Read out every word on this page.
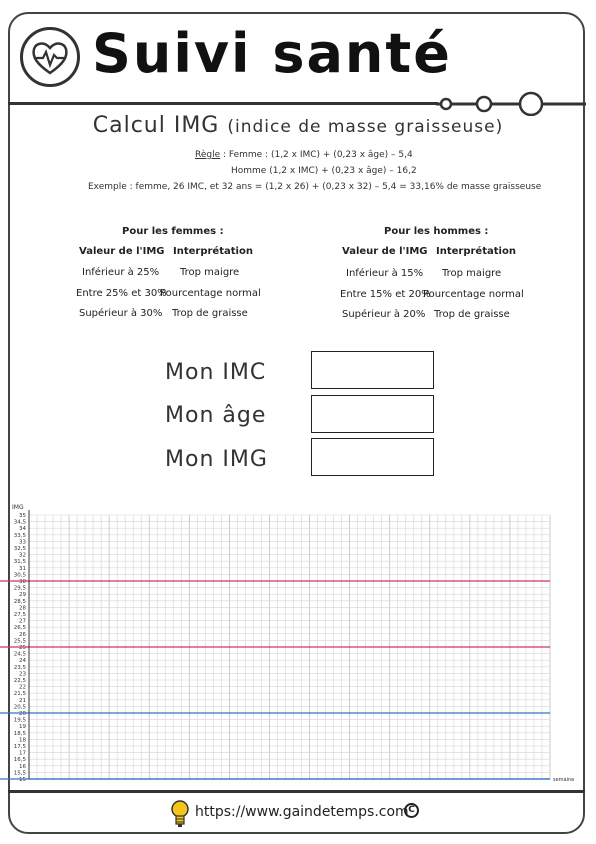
Suivi santé
Calcul IMG (indice de masse graisseuse)
Règle : Femme : (1,2 x IMC) + (0,23 x âge) – 5,4
Homme (1,2 x IMC) + (0,23 x âge) – 16,2
Exemple : femme, 26 IMC, et 32 ans = (1,2 x 26) + (0,23 x 32) – 5,4 = 33,16% de masse graisseuse
Pour les femmes :
Valeur de l'IMG Interprétation
Inférieur à 25% Trop maigre
Entre 25% et 30%
Pourcentage normal
Supérieur à 30% Trop de graisse
Pour les hommes :
Valeur de l'IMG Interprétation
Inférieur à 15% Trop maigre
Entre 15% et 20%
Pourcentage normal
Supérieur à 20% Trop de graisse
Mon IMC
Mon âge
Mon IMG
35
34,5
34
33,5
33
32,5
32
31,5
31
30,5
30
29,5
29
28,5
28
27,5
27
26,5
26
25,5
25
24,5
24
23,5
23
22,5
22
21,5
21
20,5
20
19,5
19
18,5
18
17,5
17
16,5
16
15,5
15
IMG
semaine
https://www.gaindetemps.com C
